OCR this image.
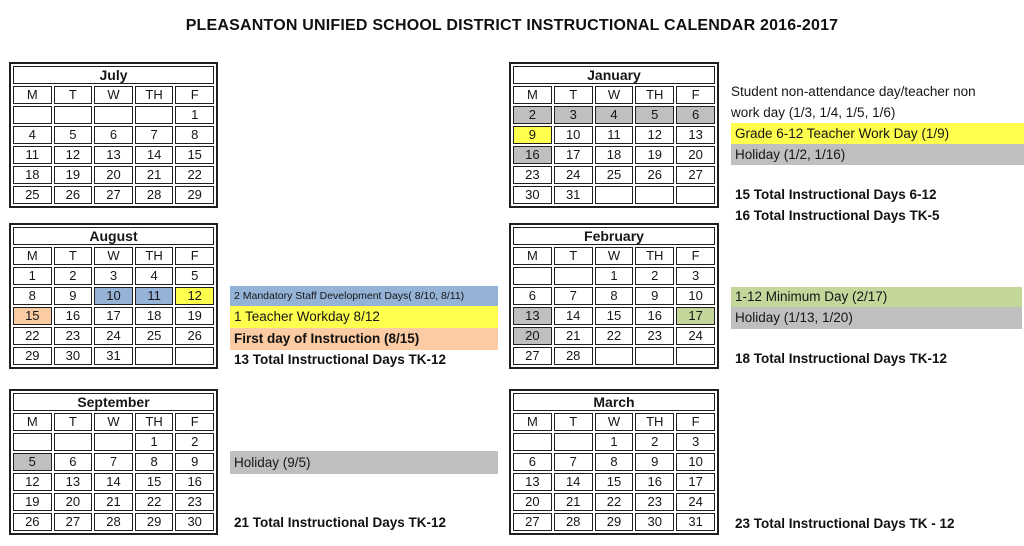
PLEASANTON UNIFIED SCHOOL DISTRICT INSTRUCTIONAL CALENDAR 2016-2017
July				
M	T	W	TH	F
				1
4	5	6	7	8
11	12	13	14	15
18	19	20	21	22
25	26	27	28	29
August				
M	T	W	TH	F
1	2	3	4	5
8	9	10	11	12
15	16	17	18	19
22	23	24	25	26
29	30	31		
September				
M	T	W	TH	F
			1	2
5	6	7	8	9
12	13	14	15	16
19	20	21	22	23
26	27	28	29	30
January				
M	T	W	TH	F
2	3	4	5	6
9	10	11	12	13
16	17	18	19	20
23	24	25	26	27
30	31			
February				
M	T	W	TH	F
		1	2	3
6	7	8	9	10
13	14	15	16	17
20	21	22	23	24
27	28			
March				
M	T	W	TH	F
		1	2	3
6	7	8	9	10
13	14	15	16	17
20	21	22	23	24
27	28	29	30	31
2 Mandatory Staff Development Days( 8/10, 8/11)
1 Teacher Workday 8/12
First day of Instruction (8/15)
13 Total Instructional Days TK-12
Holiday (9/5)
21 Total Instructional Days TK-12
Student non-attendance day/teacher non
work day (1/3, 1/4, 1/5, 1/6)
Grade 6-12 Teacher Work Day (1/9)
Holiday (1/2, 1/16)
15 Total Instructional Days 6-12
16 Total Instructional Days TK-5
1-12 Minimum Day (2/17)
Holiday (1/13, 1/20)
18 Total Instructional Days TK-12
23 Total Instructional Days TK - 12
